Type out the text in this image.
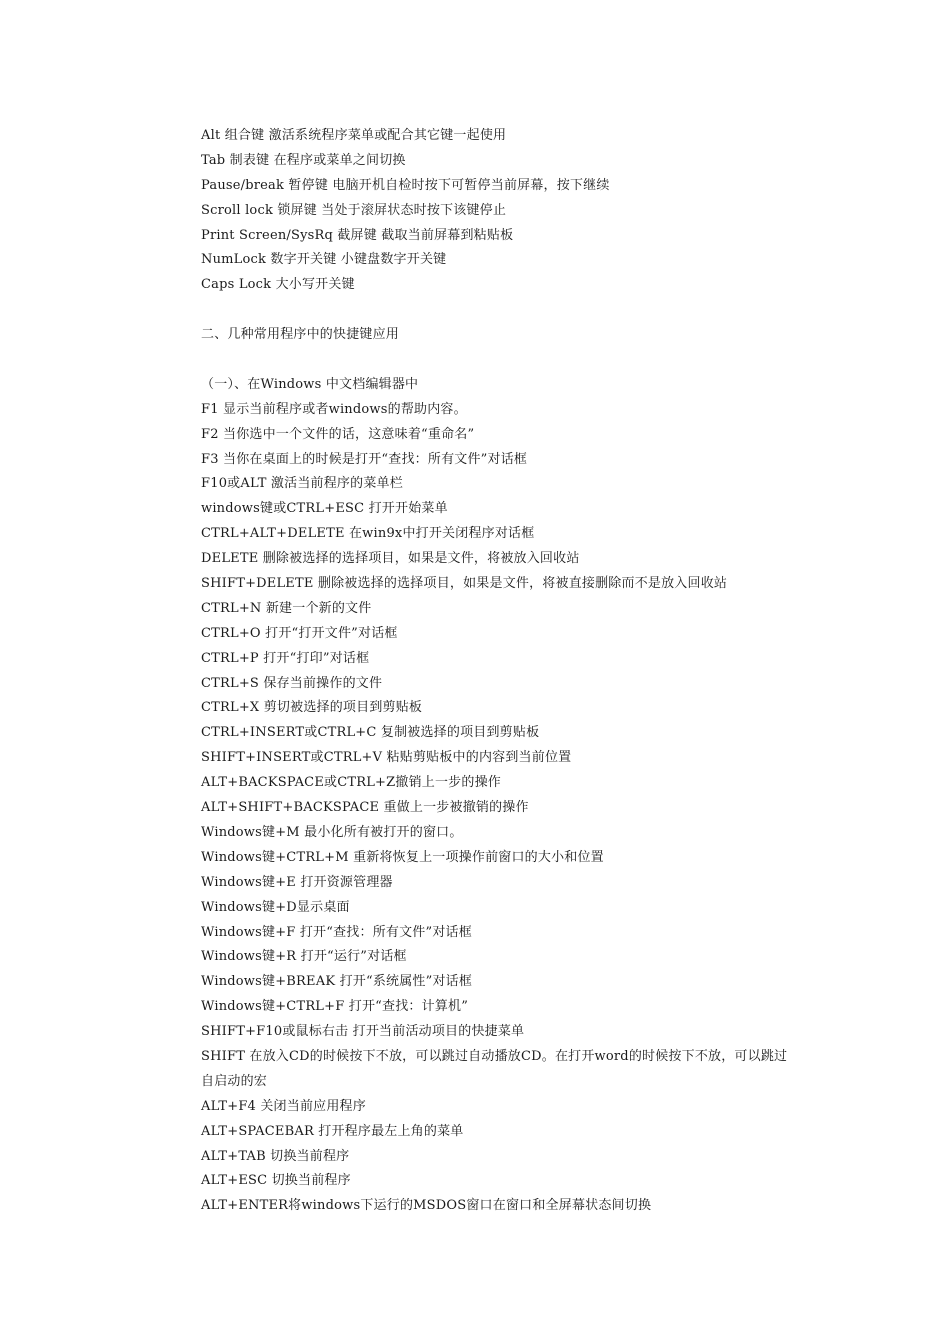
Alt 组合键 激活系统程序菜单或配合其它键一起使用
Tab 制表键 在程序或菜单之间切换
Pause/break 暂停键 电脑开机自检时按下可暂停当前屏幕，按下继续
Scroll lock 锁屏键 当处于滚屏状态时按下该键停止
Print Screen/SysRq 截屏键 截取当前屏幕到粘贴板
NumLock 数字开关键 小键盘数字开关键
Caps Lock 大小写开关键
二、几种常用程序中的快捷键应用
（一）、在Windows 中文档编辑器中
F1 显示当前程序或者windows的帮助内容。
F2 当你选中一个文件的话，这意味着“重命名”
F3 当你在桌面上的时候是打开“查找：所有文件”对话框
F10或ALT 激活当前程序的菜单栏
windows键或CTRL+ESC 打开开始菜单
CTRL+ALT+DELETE 在win9x中打开关闭程序对话框
DELETE 删除被选择的选择项目，如果是文件，将被放入回收站
SHIFT+DELETE 删除被选择的选择项目，如果是文件，将被直接删除而不是放入回收站
CTRL+N 新建一个新的文件
CTRL+O 打开“打开文件”对话框
CTRL+P 打开“打印”对话框
CTRL+S 保存当前操作的文件
CTRL+X 剪切被选择的项目到剪贴板
CTRL+INSERT或CTRL+C 复制被选择的项目到剪贴板
SHIFT+INSERT或CTRL+V 粘贴剪贴板中的内容到当前位置
ALT+BACKSPACE或CTRL+Z撤销上一步的操作
ALT+SHIFT+BACKSPACE 重做上一步被撤销的操作
Windows键+M 最小化所有被打开的窗口。
Windows键+CTRL+M 重新将恢复上一项操作前窗口的大小和位置
Windows键+E 打开资源管理器
Windows键+D显示桌面
Windows键+F 打开“查找：所有文件”对话框
Windows键+R 打开“运行”对话框
Windows键+BREAK 打开“系统属性”对话框
Windows键+CTRL+F 打开“查找：计算机”
SHIFT+F10或鼠标右击 打开当前活动项目的快捷菜单
SHIFT 在放入CD的时候按下不放，可以跳过自动播放CD。在打开word的时候按下不放，可以跳过
自启动的宏
ALT+F4 关闭当前应用程序
ALT+SPACEBAR 打开程序最左上角的菜单
ALT+TAB 切换当前程序
ALT+ESC 切换当前程序
ALT+ENTER将windows下运行的MSDOS窗口在窗口和全屏幕状态间切换
